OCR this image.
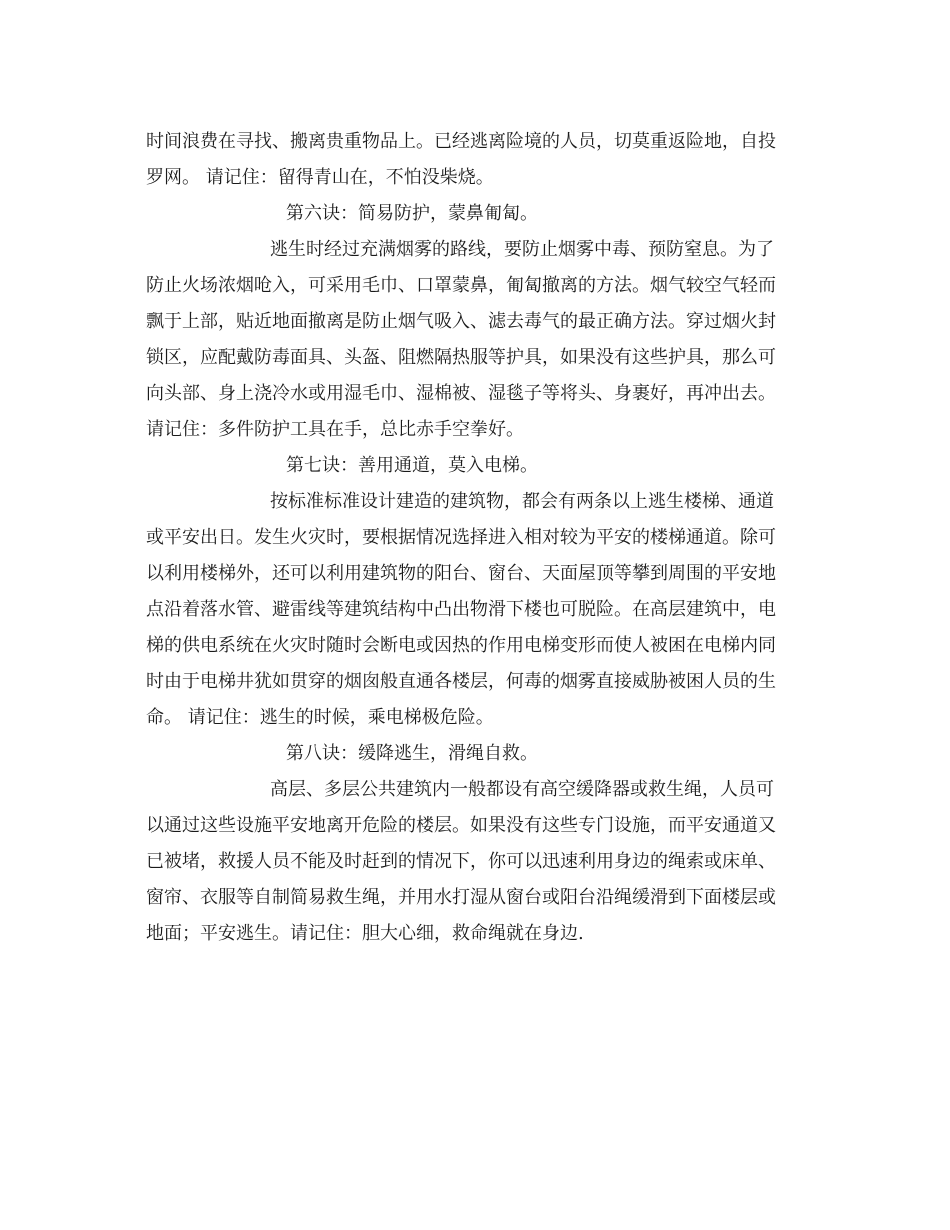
时间浪费在寻找、搬离贵重物品上。已经逃离险境的人员，切莫重返险地，自投
罗网。 请记住：留得青山在，不怕没柴烧。
第六诀：简易防护，蒙鼻匍匐。
逃生时经过充满烟雾的路线，要防止烟雾中毒、预防窒息。为了
防止火场浓烟呛入，可采用毛巾、口罩蒙鼻，匍匐撤离的方法。烟气较空气轻而
飘于上部，贴近地面撤离是防止烟气吸入、滤去毒气的最正确方法。穿过烟火封
锁区，应配戴防毒面具、头盔、阻燃隔热服等护具，如果没有这些护具，那么可
向头部、身上浇冷水或用湿毛巾、湿棉被、湿毯子等将头、身裹好，再冲出去。
请记住：多件防护工具在手，总比赤手空拳好。
第七诀：善用通道，莫入电梯。
按标准标准设计建造的建筑物，都会有两条以上逃生楼梯、通道
或平安出日。发生火灾时，要根据情况选择进入相对较为平安的楼梯通道。除可
以利用楼梯外，还可以利用建筑物的阳台、窗台、天面屋顶等攀到周围的平安地
点沿着落水管、避雷线等建筑结构中凸出物滑下楼也可脱险。在高层建筑中，电
梯的供电系统在火灾时随时会断电或因热的作用电梯变形而使人被困在电梯内同
时由于电梯井犹如贯穿的烟囱般直通各楼层，何毒的烟雾直接威胁被困人员的生
命。 请记住：逃生的时候，乘电梯极危险。
第八诀：缓降逃生，滑绳自救。
高层、多层公共建筑内一般都设有高空缓降器或救生绳，人员可
以通过这些设施平安地离开危险的楼层。如果没有这些专门设施，而平安通道又
已被堵，救援人员不能及时赶到的情况下，你可以迅速利用身边的绳索或床单、
窗帘、衣服等自制简易救生绳，并用水打湿从窗台或阳台沿绳缓滑到下面楼层或
地面；平安逃生。请记住：胆大心细，救命绳就在身边.
